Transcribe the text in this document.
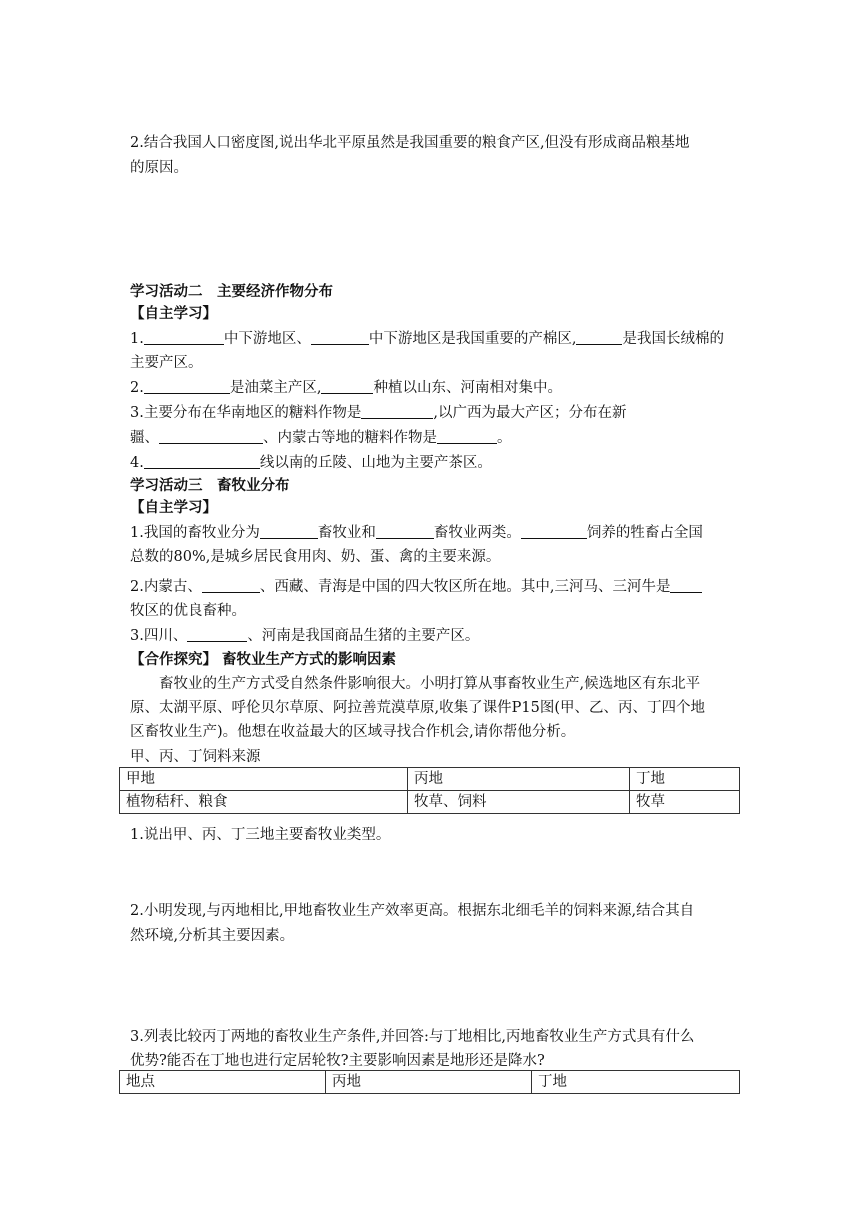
2.结合我国人口密度图,说出华北平原虽然是我国重要的粮食产区,但没有形成商品粮基地
的原因。
学习活动二　主要经济作物分布
【自主学习】
1.	中下游地区、	中下游地区是我国重要的产棉区,	是我国长绒棉的
主要产区。
2.	是油菜主产区,	种植以山东、河南相对集中。
3.主要分布在华南地区的糖料作物是	,以广西为最大产区；分布在新
疆、	、内蒙古等地的糖料作物是	。
4.	线以南的丘陵、山地为主要产茶区。
学习活动三　畜牧业分布
【自主学习】
1.我国的畜牧业分为	畜牧业和	畜牧业两类。	饲养的牲畜占全国
总数的80%,是城乡居民食用肉、奶、蛋、禽的主要来源。
2.内蒙古、	、西藏、青海是中国的四大牧区所在地。其中,三河马、三河牛是
牧区的优良畜种。
3.四川、	、河南是我国商品生猪的主要产区。
【合作探究】 畜牧业生产方式的影响因素
畜牧业的生产方式受自然条件影响很大。小明打算从事畜牧业生产,候选地区有东北平
原、太湖平原、呼伦贝尔草原、阿拉善荒漠草原,收集了课件P15图(甲、乙、丙、丁四个地
区畜牧业生产)。他想在收益最大的区域寻找合作机会,请你帮他分析。
甲、丙、丁饲料来源
甲地	丙地	丁地
植物秸秆、粮食	牧草、饲料	牧草
1.说出甲、丙、丁三地主要畜牧业类型。
2.小明发现,与丙地相比,甲地畜牧业生产效率更高。根据东北细毛羊的饲料来源,结合其自
然环境,分析其主要因素。
3.列表比较丙丁两地的畜牧业生产条件,并回答:与丁地相比,丙地畜牧业生产方式具有什么
优势?能否在丁地也进行定居轮牧?主要影响因素是地形还是降水?
地点	丙地	丁地
